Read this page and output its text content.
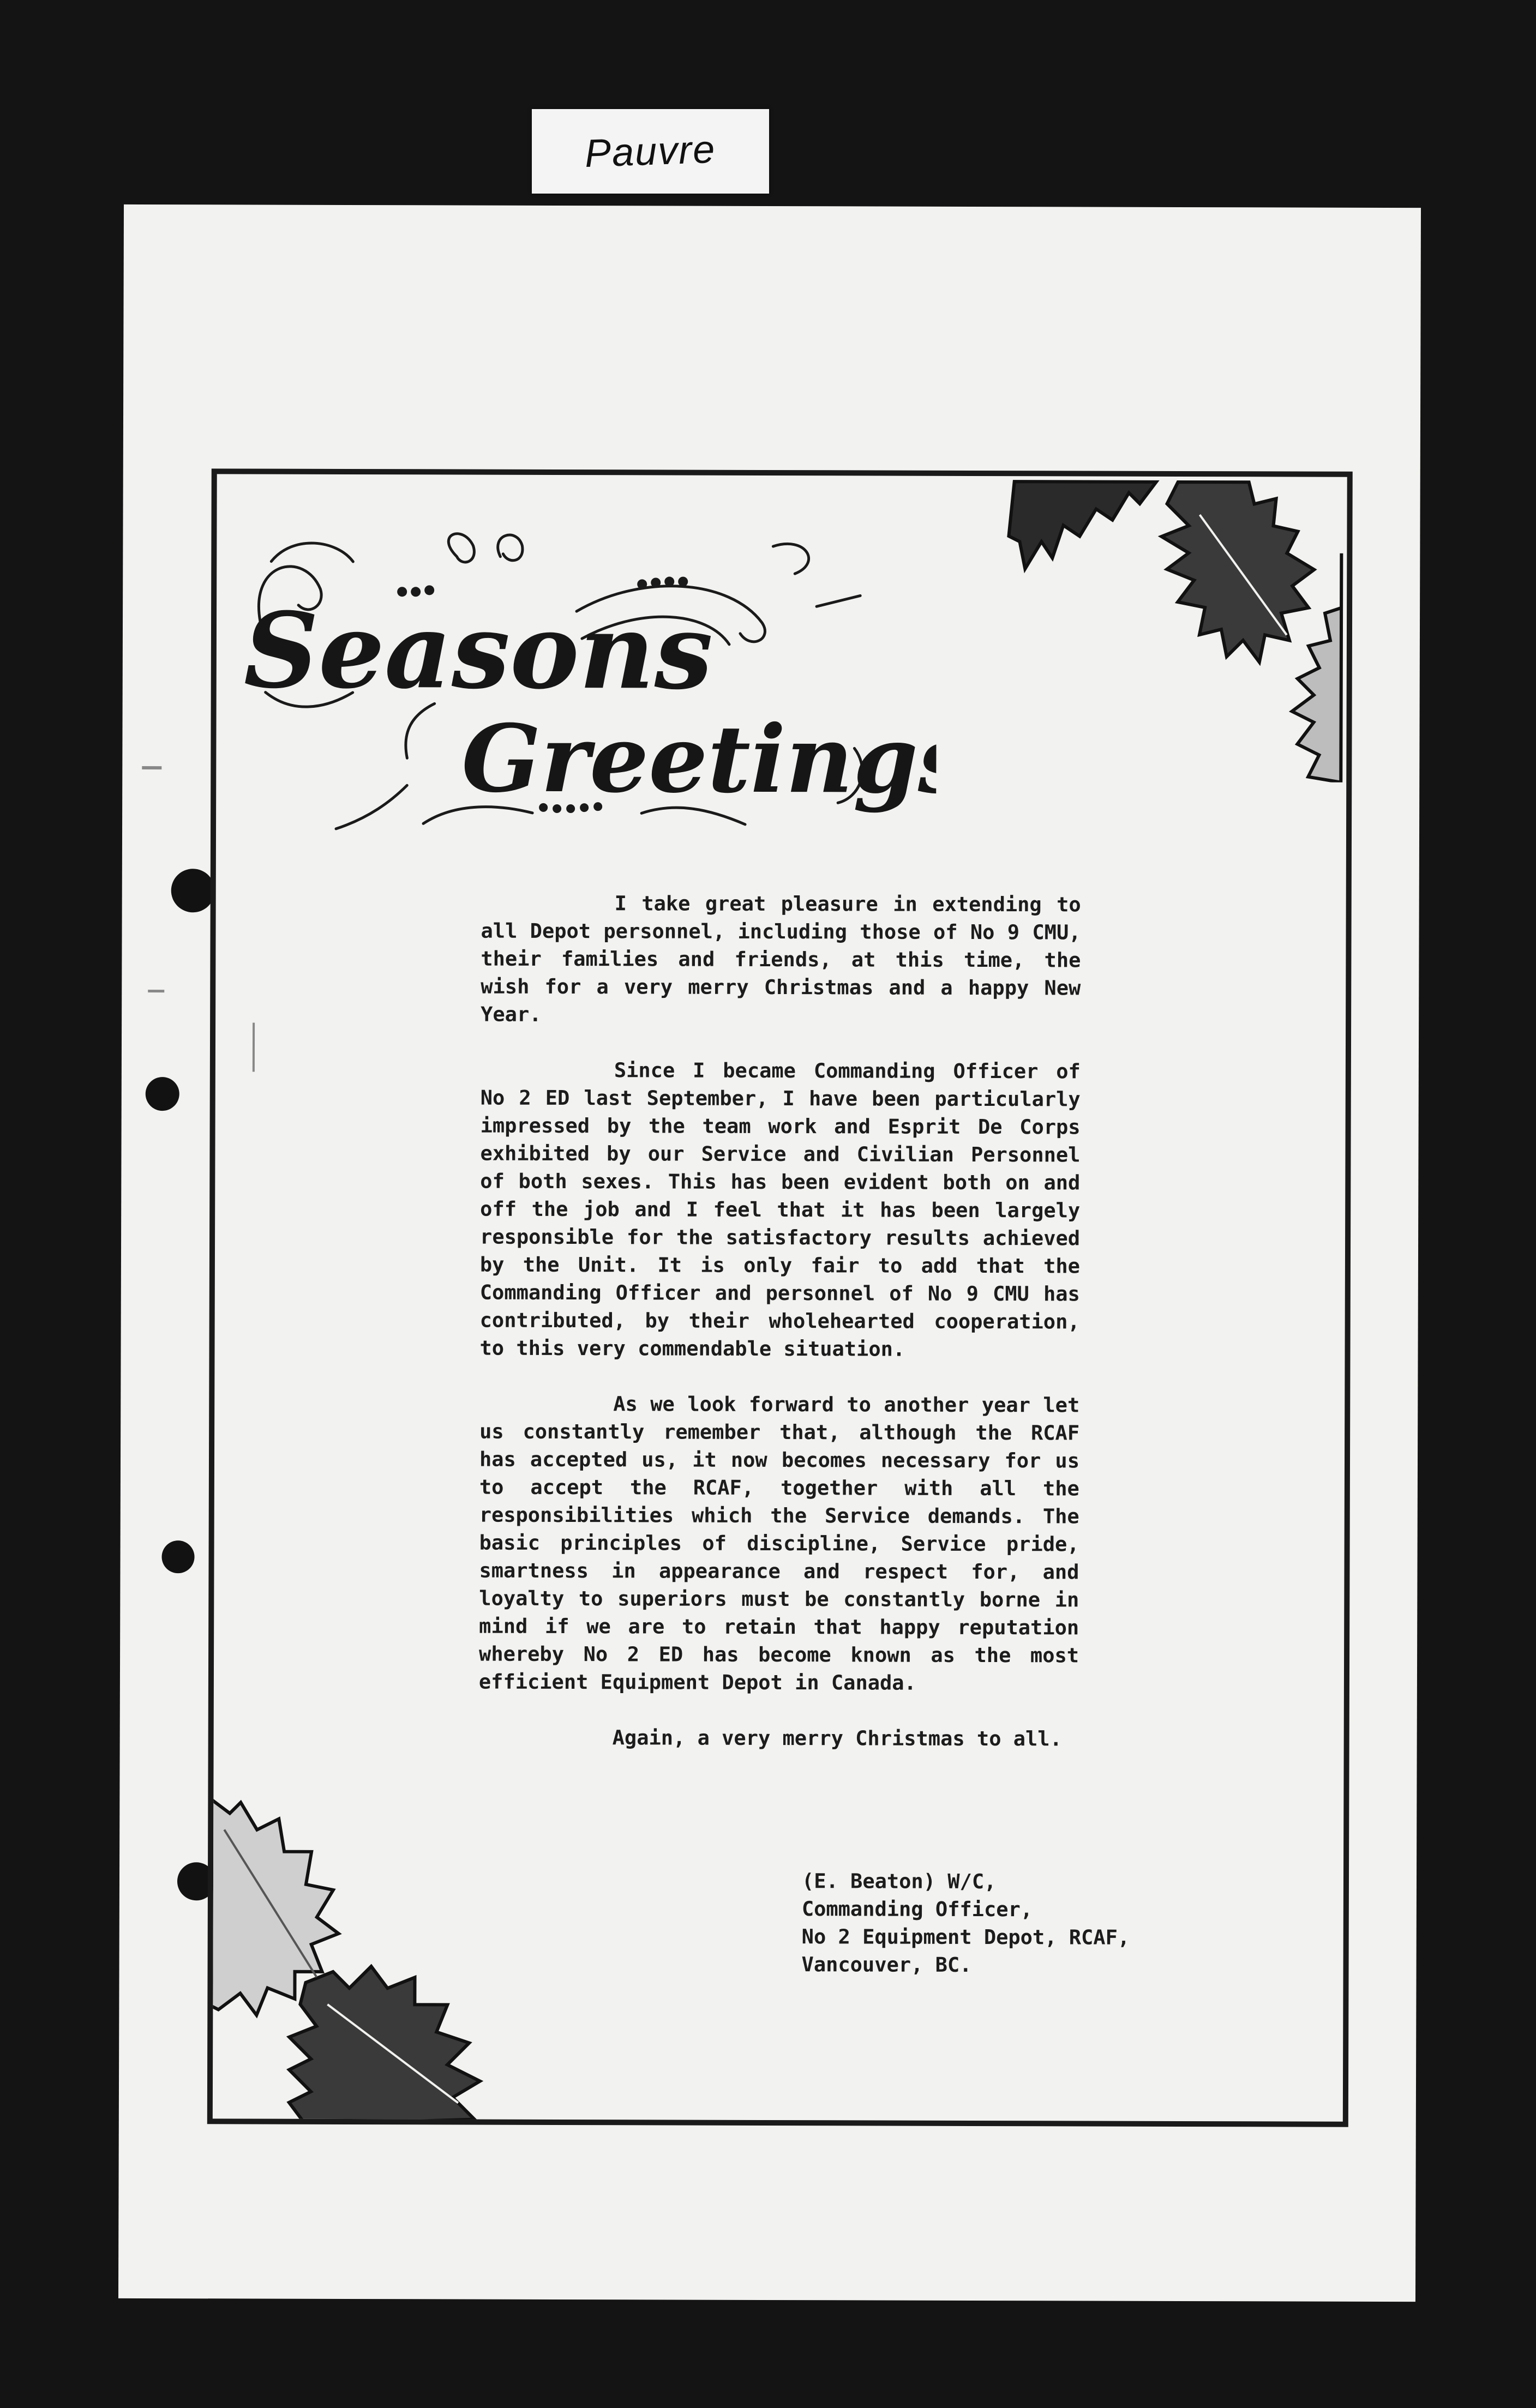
Pauvre
Seasons
Greetings

I take great pleasure in extending to all Depot personnel, including those of No 9 CMU, their families and friends, at this time, the wish for a very merry Christmas and a happy New Year.

Since I became Commanding Officer of No 2 ED last September, I have been particularly impressed by the team work and Esprit De Corps exhibited by our Service and Civilian Personnel of both sexes. This has been evident both on and off the job and I feel that it has been largely responsible for the satisfactory results achieved by the Unit. It is only fair to add that the Commanding Officer and personnel of No 9 CMU has contributed, by their wholehearted cooperation, to this very commendable situation.

As we look forward to another year let us constantly remember that, although the RCAF has accepted us, it now becomes necessary for us to accept the RCAF, together with all the responsibilities which the Service demands. The basic principles of discipline, Service pride, smartness in appearance and respect for, and loyalty to superiors must be constantly borne in mind if we are to retain that happy reputation whereby No 2 ED has become known as the most efficient Equipment Depot in Canada.

Again, a very merry Christmas to all.

(E. Beaton) W/C,
Commanding Officer,
No 2 Equipment Depot, RCAF,
Vancouver, BC.
